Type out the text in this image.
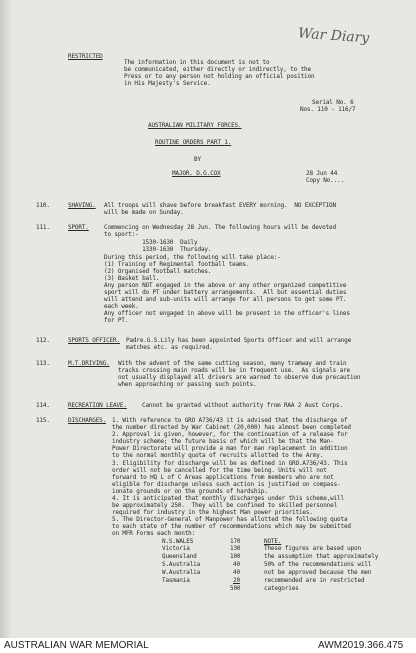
RESTRICTED
War Diary
The information in this document is not to
be communicated, either directly or indirectly, to the
Press or to any person not holding an official position
in His Majesty's Service.
Serial No. 6
Nos. 110 - 116/7
AUSTRALIAN MILITARY FORCES.
ROUTINE ORDERS PART 1.
BY
MAJOR. D.G.COX	28 Jun 44
Copy No....
110.	SHAVING. All troops will shave before breakfast EVERY morning.  NO EXCEPTION
will be made on Sunday.
111.	SPORT.	Commencing on Wednesday 28 Jun. The following hours will be devoted
to sport:-
1530-1630  Daily
1330-1630  Thursday.
During this period, the following will take place:-
(1) Training of Regimental football teams.
(2) Organised football matches.
(3) Basket ball.
Any person NOT engaged in the above or any other organized competitive
sport will do PT under battery arrangements.  All but essential duties
will attend and sub-units will arrange for all persons to get some PT.
each week.
Any officer not engaged in above will be present in the officer's lines
for PT.
112.	SPORTS OFFICER. Padre.G.S.Lily has been appointed Sports Officer and will arrange
matches etc. as required.
113.	M.T.DRIVING. With the advent of the same cutting season, many tramway and train
tracks crossing main roads will be in frequent use.  As signals are
not usually displayed all drivers are warned to observe due precaution
when approaching or passing such points.
114.	RECREATION LEAVE.	Cannot be granted without authority from RAA 2 Aust Corps.
115.	DISCHARGES. 1. With reference to GRO A736/43 it is advised that the discharge of
the number directed by War Cabinet (20,000) has almost been completed
2. Approval is given, however, for the continuation of a release for
industry scheme; the future basis of which will be that the Man-
Power Directorate will provide a man for man replacement in addition
to the normal monthly quota of recruits allotted to the Army.
3. Eligibility for discharge will be as defined in GRO.A736/43. This
order will not be cancelled for the time being. Units will not
forward to HQ L of C Areas applications from members who are not
eligible for discharge unless such action is justified on compass-
ionate grounds or on the grounds of hardship.
4. It is anticipated that monthly discharges under this scheme,will
be approximately 250.  They will be confined to skilled personnel
required for industry in the highest Man power priorities.
5. The Director-General of Manpower has allotted the following quota
to each state of the number of recommendations which may be submitted
on MFR Forms each month:
N.S.WALES	170
Victoria	130
Queensland	100
S.Australia	40
W.Australia	40
Tasmania	20
500
NOTE.
These figures are based upon
the assumption that approximately
50% of the recommendations will
not be approved because the men
recommended are in restricted
categories
AUSTRALIAN WAR MEMORIAL	AWM2019.366.475
